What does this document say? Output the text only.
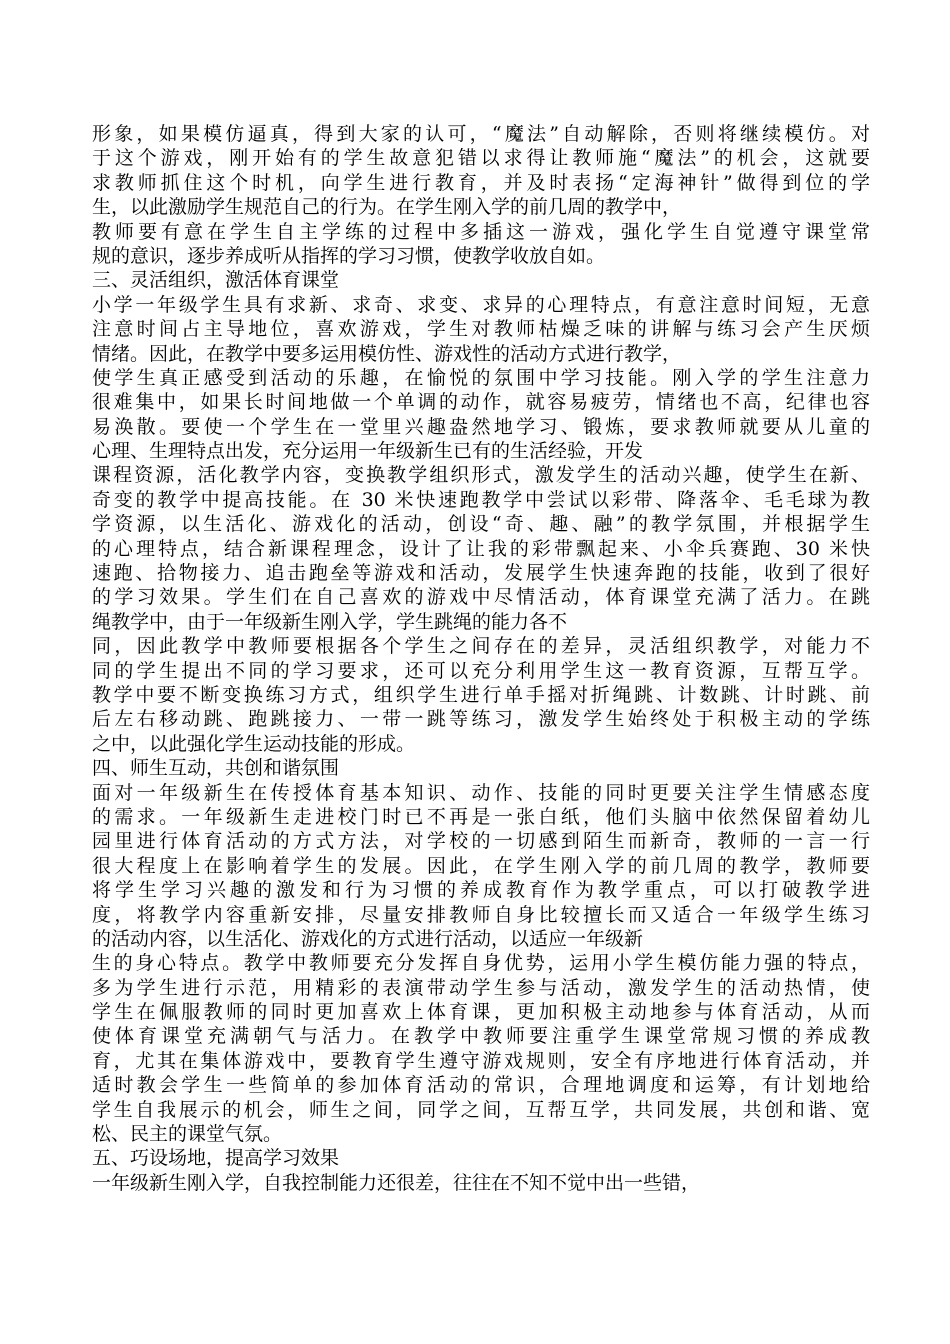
形象，如果模仿逼真，得到大家的认可，“魔法”自动解除，否则将继续模仿。对
于这个游戏，刚开始有的学生故意犯错以求得让教师施“魔法”的机会，这就要
求教师抓住这个时机，向学生进行教育，并及时表扬“定海神针”做得到位的学
生，以此激励学生规范自己的行为。在学生刚入学的前几周的教学中，
教师要有意在学生自主学练的过程中多插这一游戏，强化学生自觉遵守课堂常
规的意识，逐步养成听从指挥的学习习惯，使教学收放自如。
三、灵活组织，激活体育课堂
小学一年级学生具有求新、求奇、求变、求异的心理特点，有意注意时间短，无意
注意时间占主导地位，喜欢游戏，学生对教师枯燥乏味的讲解与练习会产生厌烦
情绪。因此，在教学中要多运用模仿性、游戏性的活动方式进行教学，
使学生真正感受到活动的乐趣，在愉悦的氛围中学习技能。刚入学的学生注意力
很难集中，如果长时间地做一个单调的动作，就容易疲劳，情绪也不高，纪律也容
易涣散。要使一个学生在一堂里兴趣盎然地学习、锻炼，要求教师就要从儿童的
心理、生理特点出发，充分运用一年级新生已有的生活经验，开发
课程资源，活化教学内容，变换教学组织形式，激发学生的活动兴趣，使学生在新、
奇变的教学中提高技能。在 30 米快速跑教学中尝试以彩带、降落伞、毛毛球为教
学资源，以生活化、游戏化的活动，创设“奇、趣、融”的教学氛围，并根据学生
的心理特点，结合新课程理念，设计了让我的彩带飘起来、小伞兵赛跑、30 米快
速跑、拾物接力、追击跑垒等游戏和活动，发展学生快速奔跑的技能，收到了很好
的学习效果。学生们在自己喜欢的游戏中尽情活动，体育课堂充满了活力。在跳
绳教学中，由于一年级新生刚入学，学生跳绳的能力各不
同，因此教学中教师要根据各个学生之间存在的差异，灵活组织教学，对能力不
同的学生提出不同的学习要求，还可以充分利用学生这一教育资源，互帮互学。
教学中要不断变换练习方式，组织学生进行单手摇对折绳跳、计数跳、计时跳、前
后左右移动跳、跑跳接力、一带一跳等练习，激发学生始终处于积极主动的学练
之中，以此强化学生运动技能的形成。
四、师生互动，共创和谐氛围
面对一年级新生在传授体育基本知识、动作、技能的同时更要关注学生情感态度
的需求。一年级新生走进校门时已不再是一张白纸，他们头脑中依然保留着幼儿
园里进行体育活动的方式方法，对学校的一切感到陌生而新奇，教师的一言一行
很大程度上在影响着学生的发展。因此，在学生刚入学的前几周的教学，教师要
将学生学习兴趣的激发和行为习惯的养成教育作为教学重点，可以打破教学进
度，将教学内容重新安排，尽量安排教师自身比较擅长而又适合一年级学生练习
的活动内容，以生活化、游戏化的方式进行活动，以适应一年级新
生的身心特点。教学中教师要充分发挥自身优势，运用小学生模仿能力强的特点，
多为学生进行示范，用精彩的表演带动学生参与活动，激发学生的活动热情，使
学生在佩服教师的同时更加喜欢上体育课，更加积极主动地参与体育活动，从而
使体育课堂充满朝气与活力。在教学中教师要注重学生课堂常规习惯的养成教
育，尤其在集体游戏中，要教育学生遵守游戏规则，安全有序地进行体育活动，并
适时教会学生一些简单的参加体育活动的常识，合理地调度和运筹，有计划地给
学生自我展示的机会，师生之间，同学之间，互帮互学，共同发展，共创和谐、宽
松、民主的课堂气氛。
五、巧设场地，提高学习效果
一年级新生刚入学，自我控制能力还很差，往往在不知不觉中出一些错，
